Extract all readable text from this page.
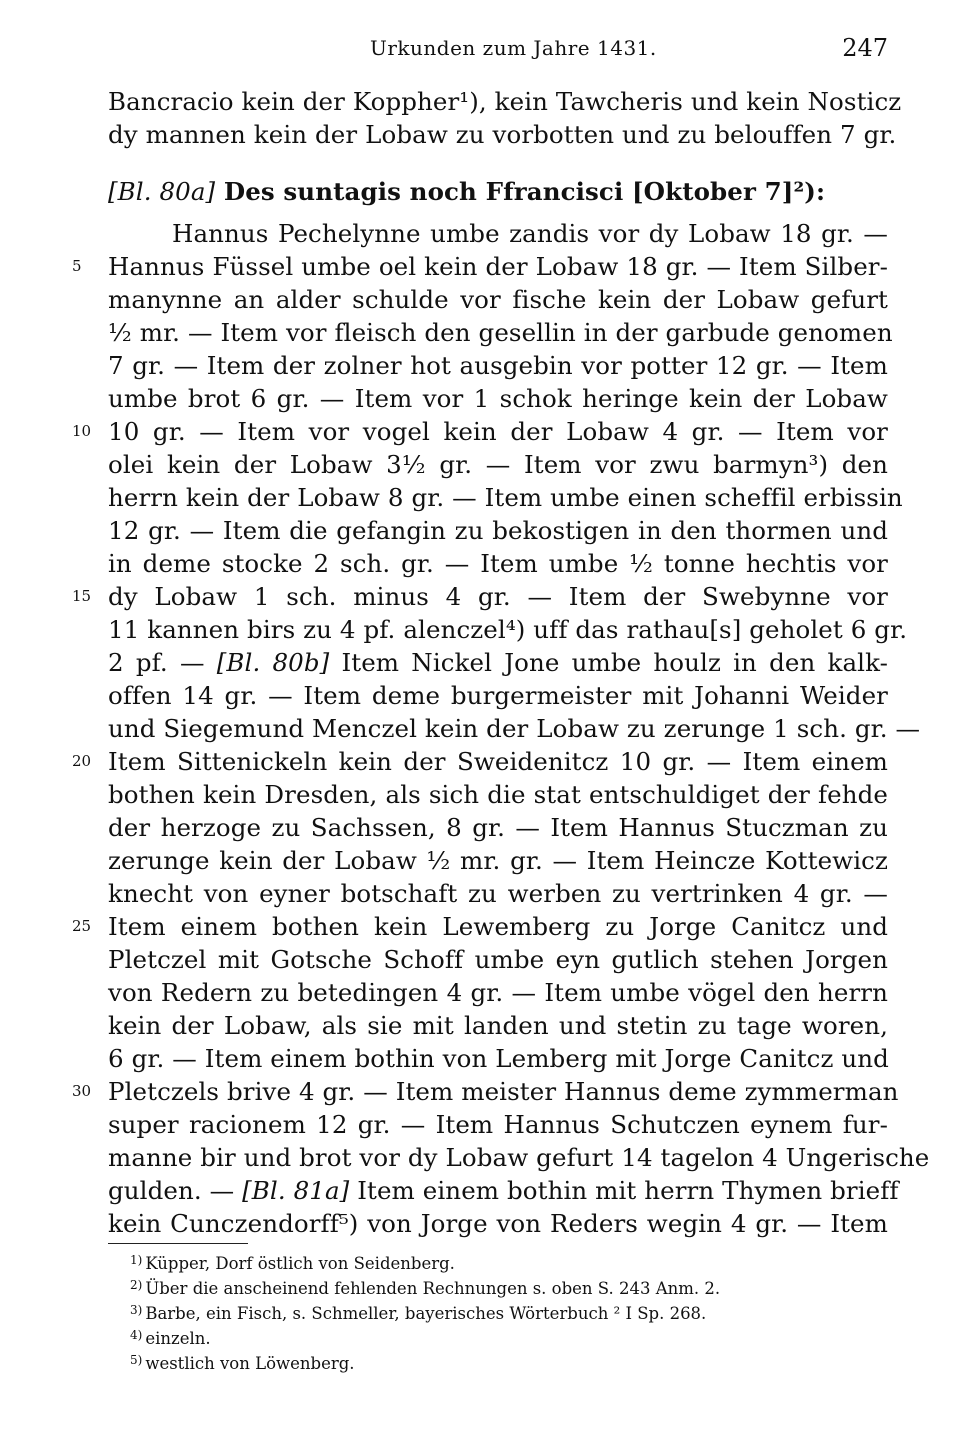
Urkunden zum Jahre 1431.	247
Bancracio kein der Koppher¹), kein Tawcheris und kein Nosticz
dy mannen kein der Lobaw zu vorbotten und zu belouffen 7 gr.
[Bl. 80a] Des suntagis noch Ffrancisci [Oktober 7]²):
Hannus Pechelynne umbe zandis vor dy Lobaw 18 gr. —
Hannus Füssel umbe oel kein der Lobaw 18 gr. — Item Silber-
manynne an alder schulde vor fische kein der Lobaw gefurt
½ mr. — Item vor fleisch den gesellin in der garbude genomen
7 gr. — Item der zolner hot ausgebin vor potter 12 gr. — Item
umbe brot 6 gr. — Item vor 1 schok heringe kein der Lobaw
10 gr. — Item vor vogel kein der Lobaw 4 gr. — Item vor
olei kein der Lobaw 3½ gr. — Item vor zwu barmyn³) den
herrn kein der Lobaw 8 gr. — Item umbe einen scheffil erbissin
12 gr. — Item die gefangin zu bekostigen in den thormen und
in deme stocke 2 sch. gr. — Item umbe ½ tonne hechtis vor
dy Lobaw 1 sch. minus 4 gr. — Item der Swebynne vor
11 kannen birs zu 4 pf. alenczel⁴) uff das rathau[s] geholet 6 gr.
2 pf. — [Bl. 80b] Item Nickel Jone umbe houlz in den kalk-
offen 14 gr. — Item deme burgermeister mit Johanni Weider
und Siegemund Menczel kein der Lobaw zu zerunge 1 sch. gr. —
Item Sittenickeln kein der Sweidenitcz 10 gr. — Item einem
bothen kein Dresden, als sich die stat entschuldiget der fehde
der herzoge zu Sachssen, 8 gr. — Item Hannus Stuczman zu
zerunge kein der Lobaw ½ mr. gr. — Item Heincze Kottewicz
knecht von eyner botschaft zu werben zu vertrinken 4 gr. —
Item einem bothen kein Lewemberg zu Jorge Canitcz und
Pletczel mit Gotsche Schoff umbe eyn gutlich stehen Jorgen
von Redern zu betedingen 4 gr. — Item umbe vögel den herrn
kein der Lobaw, als sie mit landen und stetin zu tage woren,
6 gr. — Item einem bothin von Lemberg mit Jorge Canitcz und
Pletczels brive 4 gr. — Item meister Hannus deme zymmerman
super racionem 12 gr. — Item Hannus Schutczen eynem fur-
manne bir und brot vor dy Lobaw gefurt 14 tagelon 4 Ungerische
gulden. — [Bl. 81a] Item einem bothin mit herrn Thymen brieff
kein Cunczendorff⁵) von Jorge von Reders wegin 4 gr. — Item
5
10
15
20
25
30
$^{1)}$ Küpper, Dorf östlich von Seidenberg.
$^{2)}$ Über die anscheinend fehlenden Rechnungen s. oben S. 243 Anm. 2.
$^{3)}$ Barbe, ein Fisch, s. Schmeller, bayerisches Wörterbuch ² I Sp. 268.
$^{4)}$ einzeln.
$^{5)}$ westlich von Löwenberg.
